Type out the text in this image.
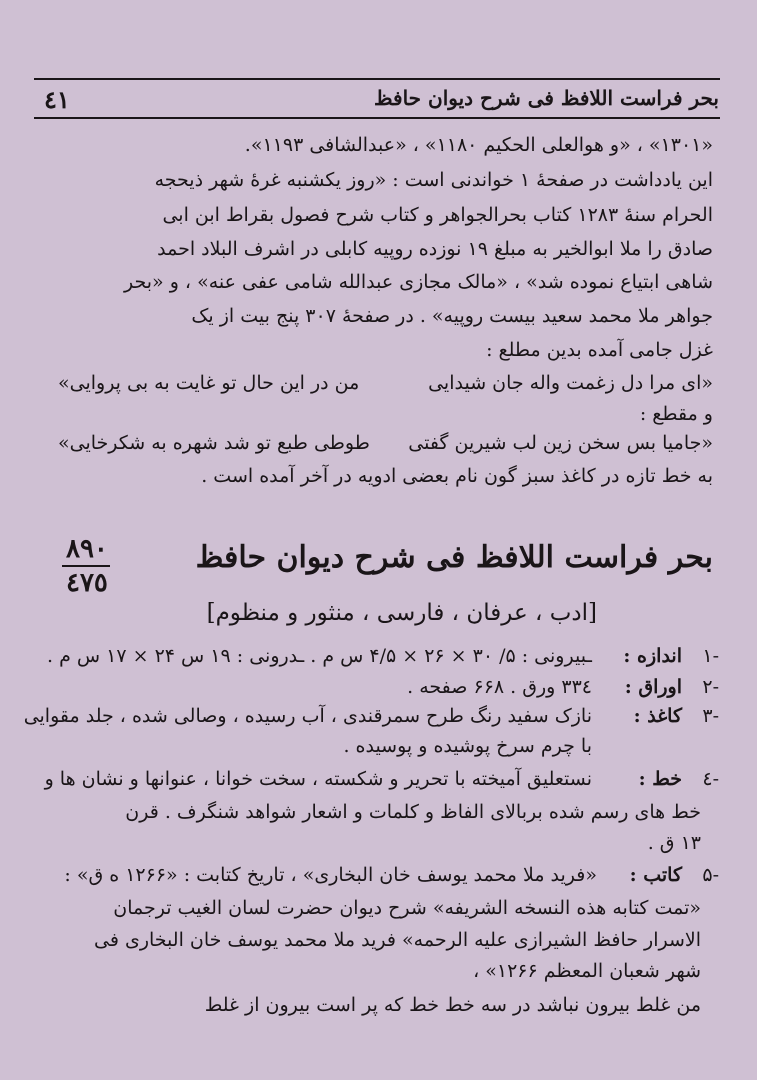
٤١	بحر فراست اللافظ فی شرح دیوان حافظ
«۱۳۰۱» ، «و هوالعلی الحکیم ۱۱۸۰» ، «عبدالشافی ۱۱۹۳».
این یادداشت در صفحهٔ ۱ خواندنی است : «روز یکشنبه غرهٔ شهر ذیحجه
الحرام سنهٔ ۱۲۸۳ کتاب بحرالجواهر و کتاب شرح فصول بقراط ابن ابی
صادق را ملا ابوالخیر به مبلغ ۱۹ نوزده روپیه کابلی در اشرف البلاد احمد
شاهی ابتیاع نموده شد» ، «مالک مجازی عبدالله شامی عفی عنه» ، و «بحر
جواهر ملا محمد سعید بیست روپیه» . در صفحهٔ ۳۰۷ پنج بیت از یک
غزل جامی آمده بدین مطلع :
«ای مرا دل زغمت واله جان شیدایی
من در این حال تو غایت به بی پروایی»
و مقطع :
«جامیا بس سخن زین لب شیرین گفتی
طوطی طبع تو شد شهره به شکرخایی»
به خط تازه در کاغذ سبز گون نام بعضی ادویه در آخر آمده است .
۸۹۰
٤٧٥
بحر فراست اللافظ فی شرح دیوان حافظ
[ادب ، عرفان ، فارسی ، منثور و منظوم]
-۱
اندازه :
ـبیرونی : ۵/ ۳۰ × ۲۶ × ۴/۵ س م . ـدرونی : ۱۹ س ۲۴ × ۱۷ س م .
-۲
اوراق :
۳۳٤ ورق . ۶۶۸ صفحه .
-۳
کاغذ :
نازک سفید رنگ طرح سمرقندی ، آب رسیده ، وصالی شده ، جلد مقوایی
با چرم سرخ پوشیده و پوسیده .
-٤
خط :
نستعلیق آمیخته با تحریر و شکسته ، سخت خوانا ، عنوانها و نشان ها و
خط های رسم شده بربالای الفاظ و کلمات و اشعار شواهد شنگرف . قرن
۱۳ ق .
-۵
کاتب :
«فرید ملا محمد یوسف خان البخاری» ، تاریخ کتابت : «۱۲۶۶ ه ق» :
«تمت کتابه هذه النسخه الشریفه» شرح دیوان حضرت لسان الغیب ترجمان
الاسرار حافظ الشیرازی علیه الرحمه» فرید ملا محمد یوسف خان البخاری فی
شهر شعبان المعظم ۱۲۶۶» ،
من غلط بیرون نباشد در سه خط خط که پر است بیرون از غلط
